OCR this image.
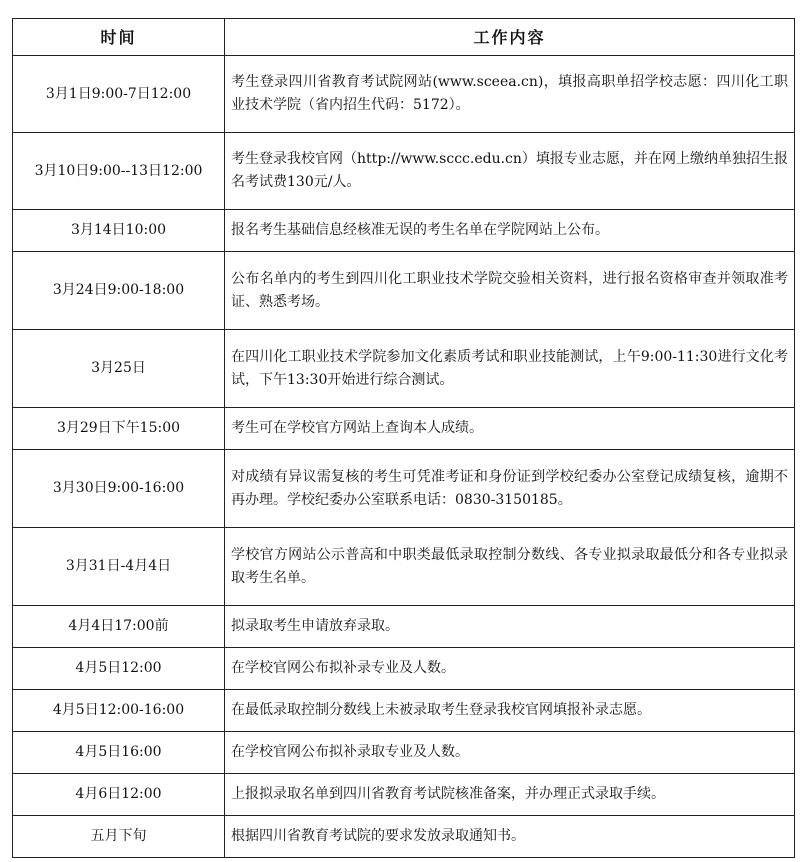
时间	工作内容
3月1日9:00-7日12:00	考生登录四川省教育考试院网站(www.sceea.cn)，填报高职单招学校志愿：四川化工职业技术学院（省内招生代码：5172）。
3月10日9:00--13日12:00	考生登录我校官网（http://www.sccc.edu.cn）填报专业志愿，并在网上缴纳单独招生报名考试费130元/人。
3月14日10:00	报名考生基础信息经核准无误的考生名单在学院网站上公布。
3月24日9:00-18:00	公布名单内的考生到四川化工职业技术学院交验相关资料，进行报名资格审查并领取准考证、熟悉考场。
3月25日	在四川化工职业技术学院参加文化素质考试和职业技能测试，上午9:00-11:30进行文化考试，下午13:30开始进行综合测试。
3月29日下午15:00	考生可在学校官方网站上查询本人成绩。
3月30日9:00-16:00	对成绩有异议需复核的考生可凭准考证和身份证到学校纪委办公室登记成绩复核，逾期不再办理。学校纪委办公室联系电话：0830-3150185。
3月31日-4月4日	学校官方网站公示普高和中职类最低录取控制分数线、各专业拟录取最低分和各专业拟录取考生名单。
4月4日17:00前	拟录取考生申请放弃录取。
4月5日12:00	在学校官网公布拟补录专业及人数。
4月5日12:00-16:00	在最低录取控制分数线上未被录取考生登录我校官网填报补录志愿。
4月5日16:00	在学校官网公布拟补录取专业及人数。
4月6日12:00	上报拟录取名单到四川省教育考试院核准备案，并办理正式录取手续。
五月下旬	根据四川省教育考试院的要求发放录取通知书。
